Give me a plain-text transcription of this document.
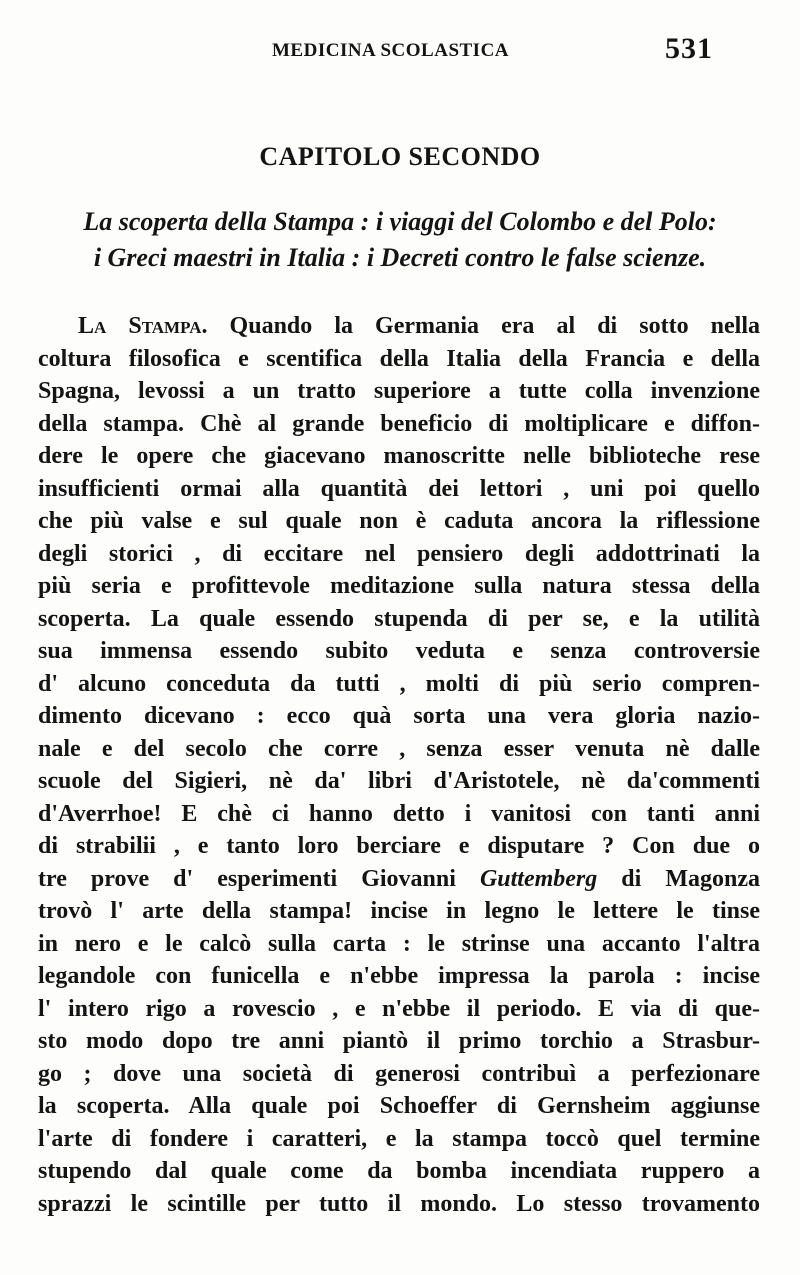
MEDICINA SCOLASTICA	531
CAPITOLO SECONDO
La scoperta della Stampa : i viaggi del Colombo e del Polo:
i Greci maestri in Italia : i Decreti contro le false scienze.
La Stampa. Quando la Germania era al di sotto nella
coltura filosofica e scentifica della Italia della Francia e della
Spagna, levossi a un tratto superiore a tutte colla invenzione
della stampa. Chè al grande beneficio di moltiplicare e diffon-
dere le opere che giacevano manoscritte nelle biblioteche rese
insufficienti ormai alla quantità dei lettori , uni poi quello
che più valse e sul quale non è caduta ancora la riflessione
degli storici , di eccitare nel pensiero degli addottrinati la
più seria e profittevole meditazione sulla natura stessa della
scoperta. La quale essendo stupenda di per se, e la utilità
sua immensa essendo subito veduta e senza controversie
d' alcuno conceduta da tutti , molti di più serio compren-
dimento dicevano : ecco quà sorta una vera gloria nazio-
nale e del secolo che corre , senza esser venuta nè dalle
scuole del Sigieri, nè da' libri d'Aristotele, nè da'commenti
d'Averrhoe! E chè ci hanno detto i vanitosi con tanti anni
di strabilii , e tanto loro berciare e disputare ? Con due o
tre prove d' esperimenti Giovanni Guttemberg di Magonza
trovò l' arte della stampa! incise in legno le lettere le tinse
in nero e le calcò sulla carta : le strinse una accanto l'altra
legandole con funicella e n'ebbe impressa la parola : incise
l' intero rigo a rovescio , e n'ebbe il periodo. E via di que-
sto modo dopo tre anni piantò il primo torchio a Strasbur-
go ; dove una società di generosi contribuì a perfezionare
la scoperta. Alla quale poi Schoeffer di Gernsheim aggiunse
l'arte di fondere i caratteri, e la stampa toccò quel termine
stupendo dal quale come da bomba incendiata ruppero a
sprazzi le scintille per tutto il mondo. Lo stesso trovamento
